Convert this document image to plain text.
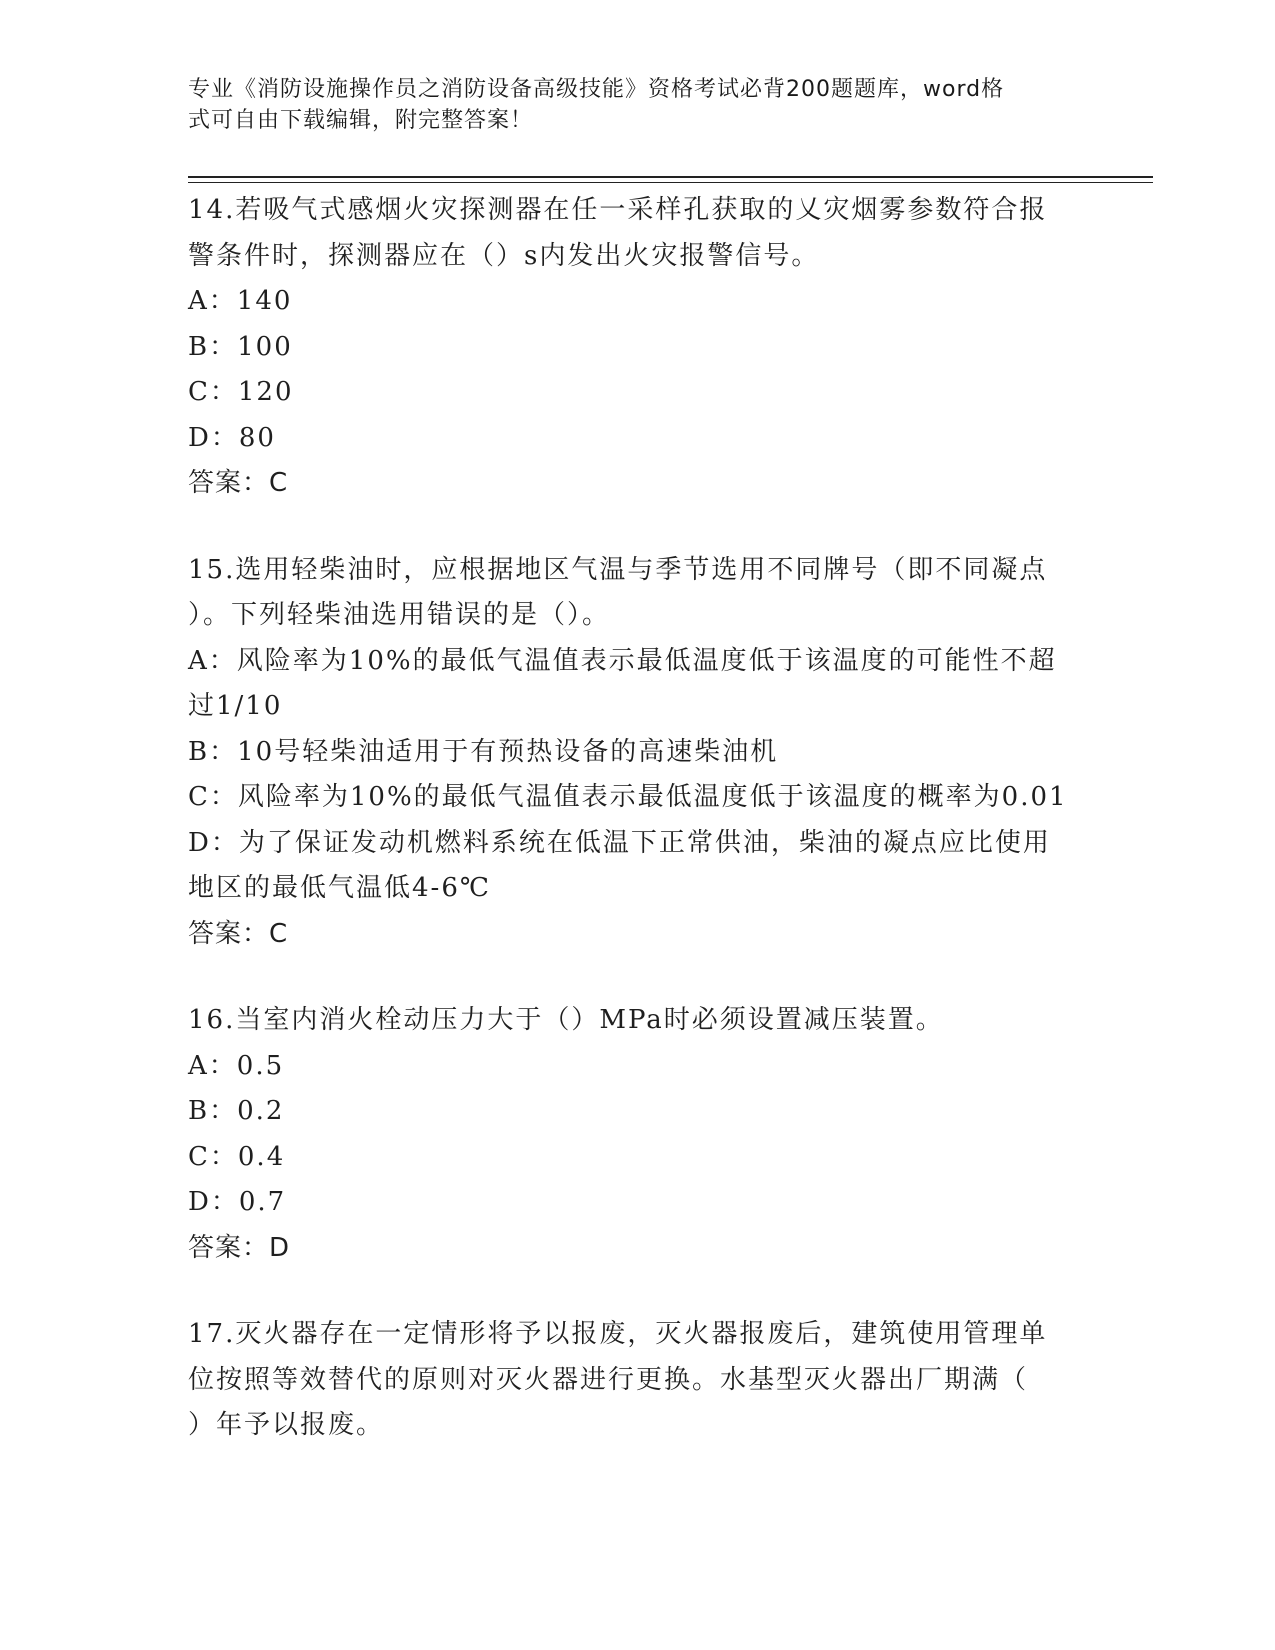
专业《消防设施操作员之消防设备高级技能》资格考试必背200题题库，word格
式可自由下载编辑，附完整答案！
14.若吸气式感烟火灾探测器在任一采样孔获取的乂灾烟雾参数符合报
警条件时，探测器应在（）s内发出火灾报警信号。
A：140
B：100
C：120
D：80
答案：C
15.选用轻柴油时，应根据地区气温与季节选用不同牌号（即不同凝点
）。下列轻柴油选用错误的是（）。
A：风险率为10%的最低气温值表示最低温度低于该温度的可能性不超
过1/10
B：10号轻柴油适用于有预热设备的高速柴油机
C：风险率为10%的最低气温值表示最低温度低于该温度的概率为0.01
D：为了保证发动机燃料系统在低温下正常供油，柴油的凝点应比使用
地区的最低气温低4-6℃
答案：C
16.当室内消火栓动压力大于（）MPa时必须设置减压装置。
A：0.5
B：0.2
C：0.4
D：0.7
答案：D
17.灭火器存在一定情形将予以报废，灭火器报废后，建筑使用管理单
位按照等效替代的原则对灭火器进行更换。水基型灭火器出厂期满（
）年予以报废。
